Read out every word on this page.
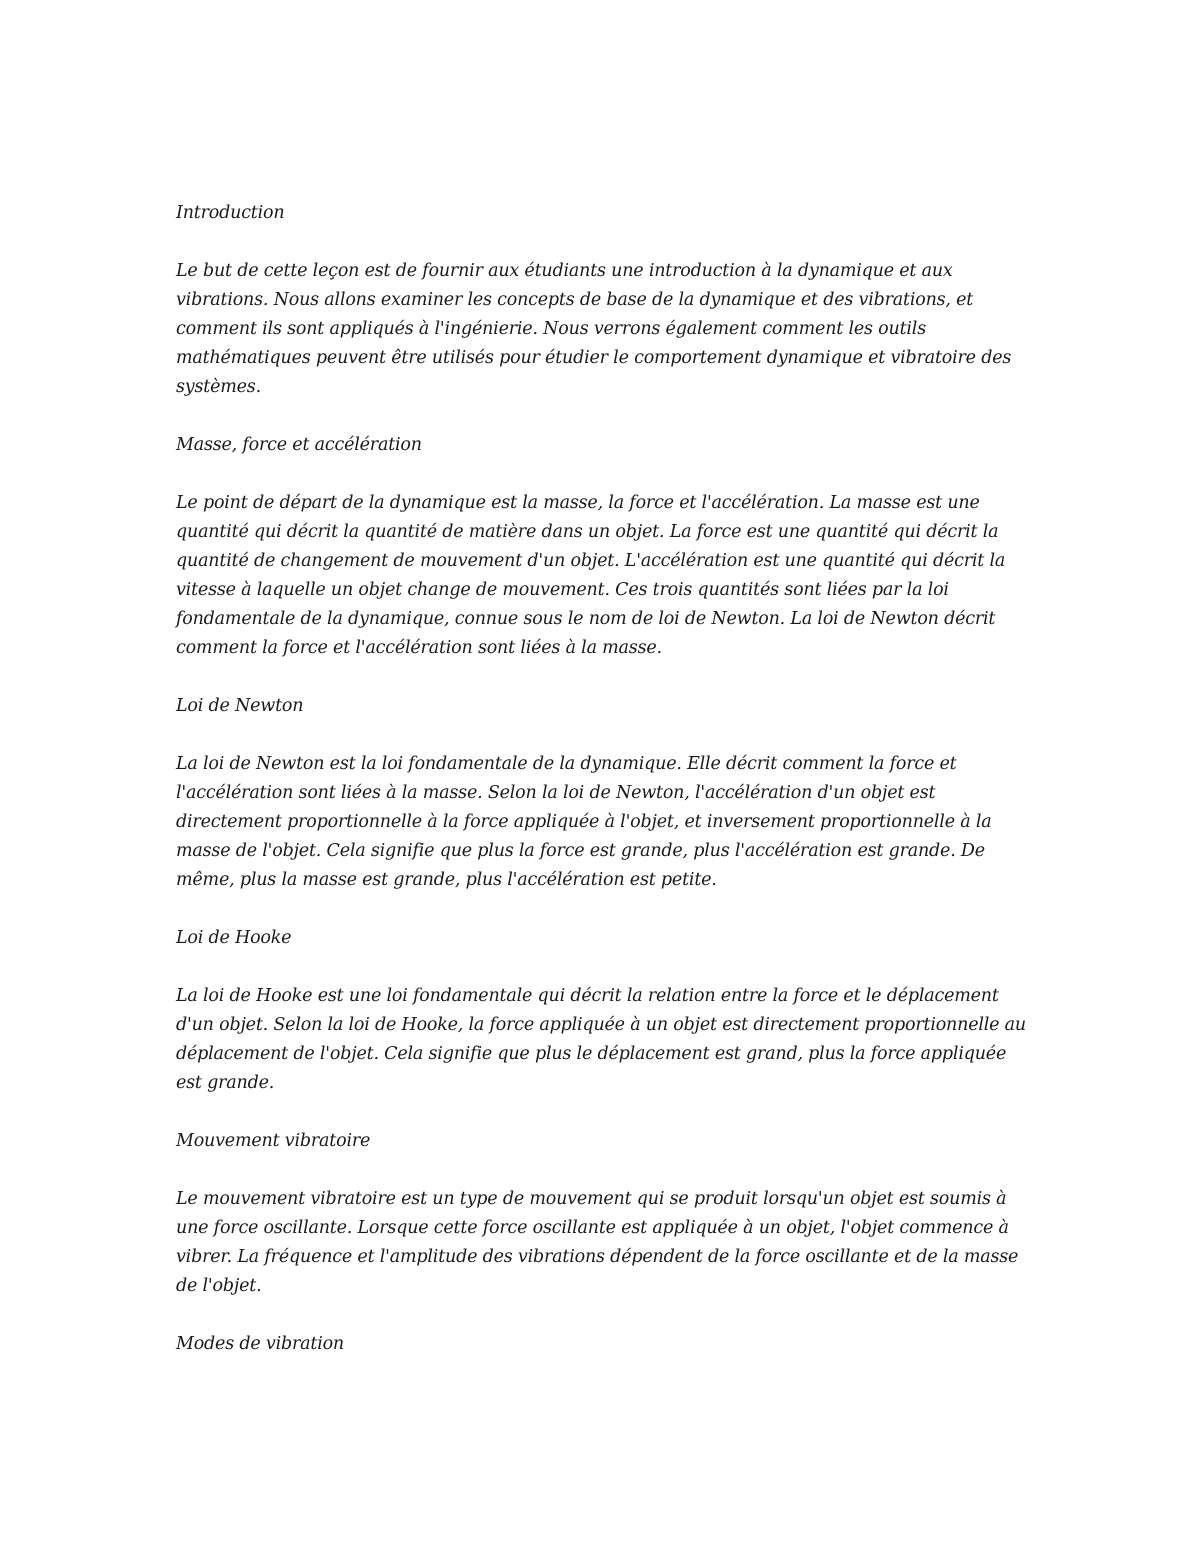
Introduction

Le but de cette leçon est de fournir aux étudiants une introduction à la dynamique et aux vibrations. Nous allons examiner les concepts de base de la dynamique et des vibrations, et comment ils sont appliqués à l'ingénierie. Nous verrons également comment les outils mathématiques peuvent être utilisés pour étudier le comportement dynamique et vibratoire des systèmes.

Masse, force et accélération

Le point de départ de la dynamique est la masse, la force et l'accélération. La masse est une quantité qui décrit la quantité de matière dans un objet. La force est une quantité qui décrit la quantité de changement de mouvement d'un objet. L'accélération est une quantité qui décrit la vitesse à laquelle un objet change de mouvement. Ces trois quantités sont liées par la loi fondamentale de la dynamique, connue sous le nom de loi de Newton. La loi de Newton décrit comment la force et l'accélération sont liées à la masse.

Loi de Newton

La loi de Newton est la loi fondamentale de la dynamique. Elle décrit comment la force et l'accélération sont liées à la masse. Selon la loi de Newton, l'accélération d'un objet est directement proportionnelle à la force appliquée à l'objet, et inversement proportionnelle à la masse de l'objet. Cela signifie que plus la force est grande, plus l'accélération est grande. De même, plus la masse est grande, plus l'accélération est petite.

Loi de Hooke

La loi de Hooke est une loi fondamentale qui décrit la relation entre la force et le déplacement d'un objet. Selon la loi de Hooke, la force appliquée à un objet est directement proportionnelle au déplacement de l'objet. Cela signifie que plus le déplacement est grand, plus la force appliquée est grande.

Mouvement vibratoire

Le mouvement vibratoire est un type de mouvement qui se produit lorsqu'un objet est soumis à une force oscillante. Lorsque cette force oscillante est appliquée à un objet, l'objet commence à vibrer. La fréquence et l'amplitude des vibrations dépendent de la force oscillante et de la masse de l'objet.

Modes de vibration
